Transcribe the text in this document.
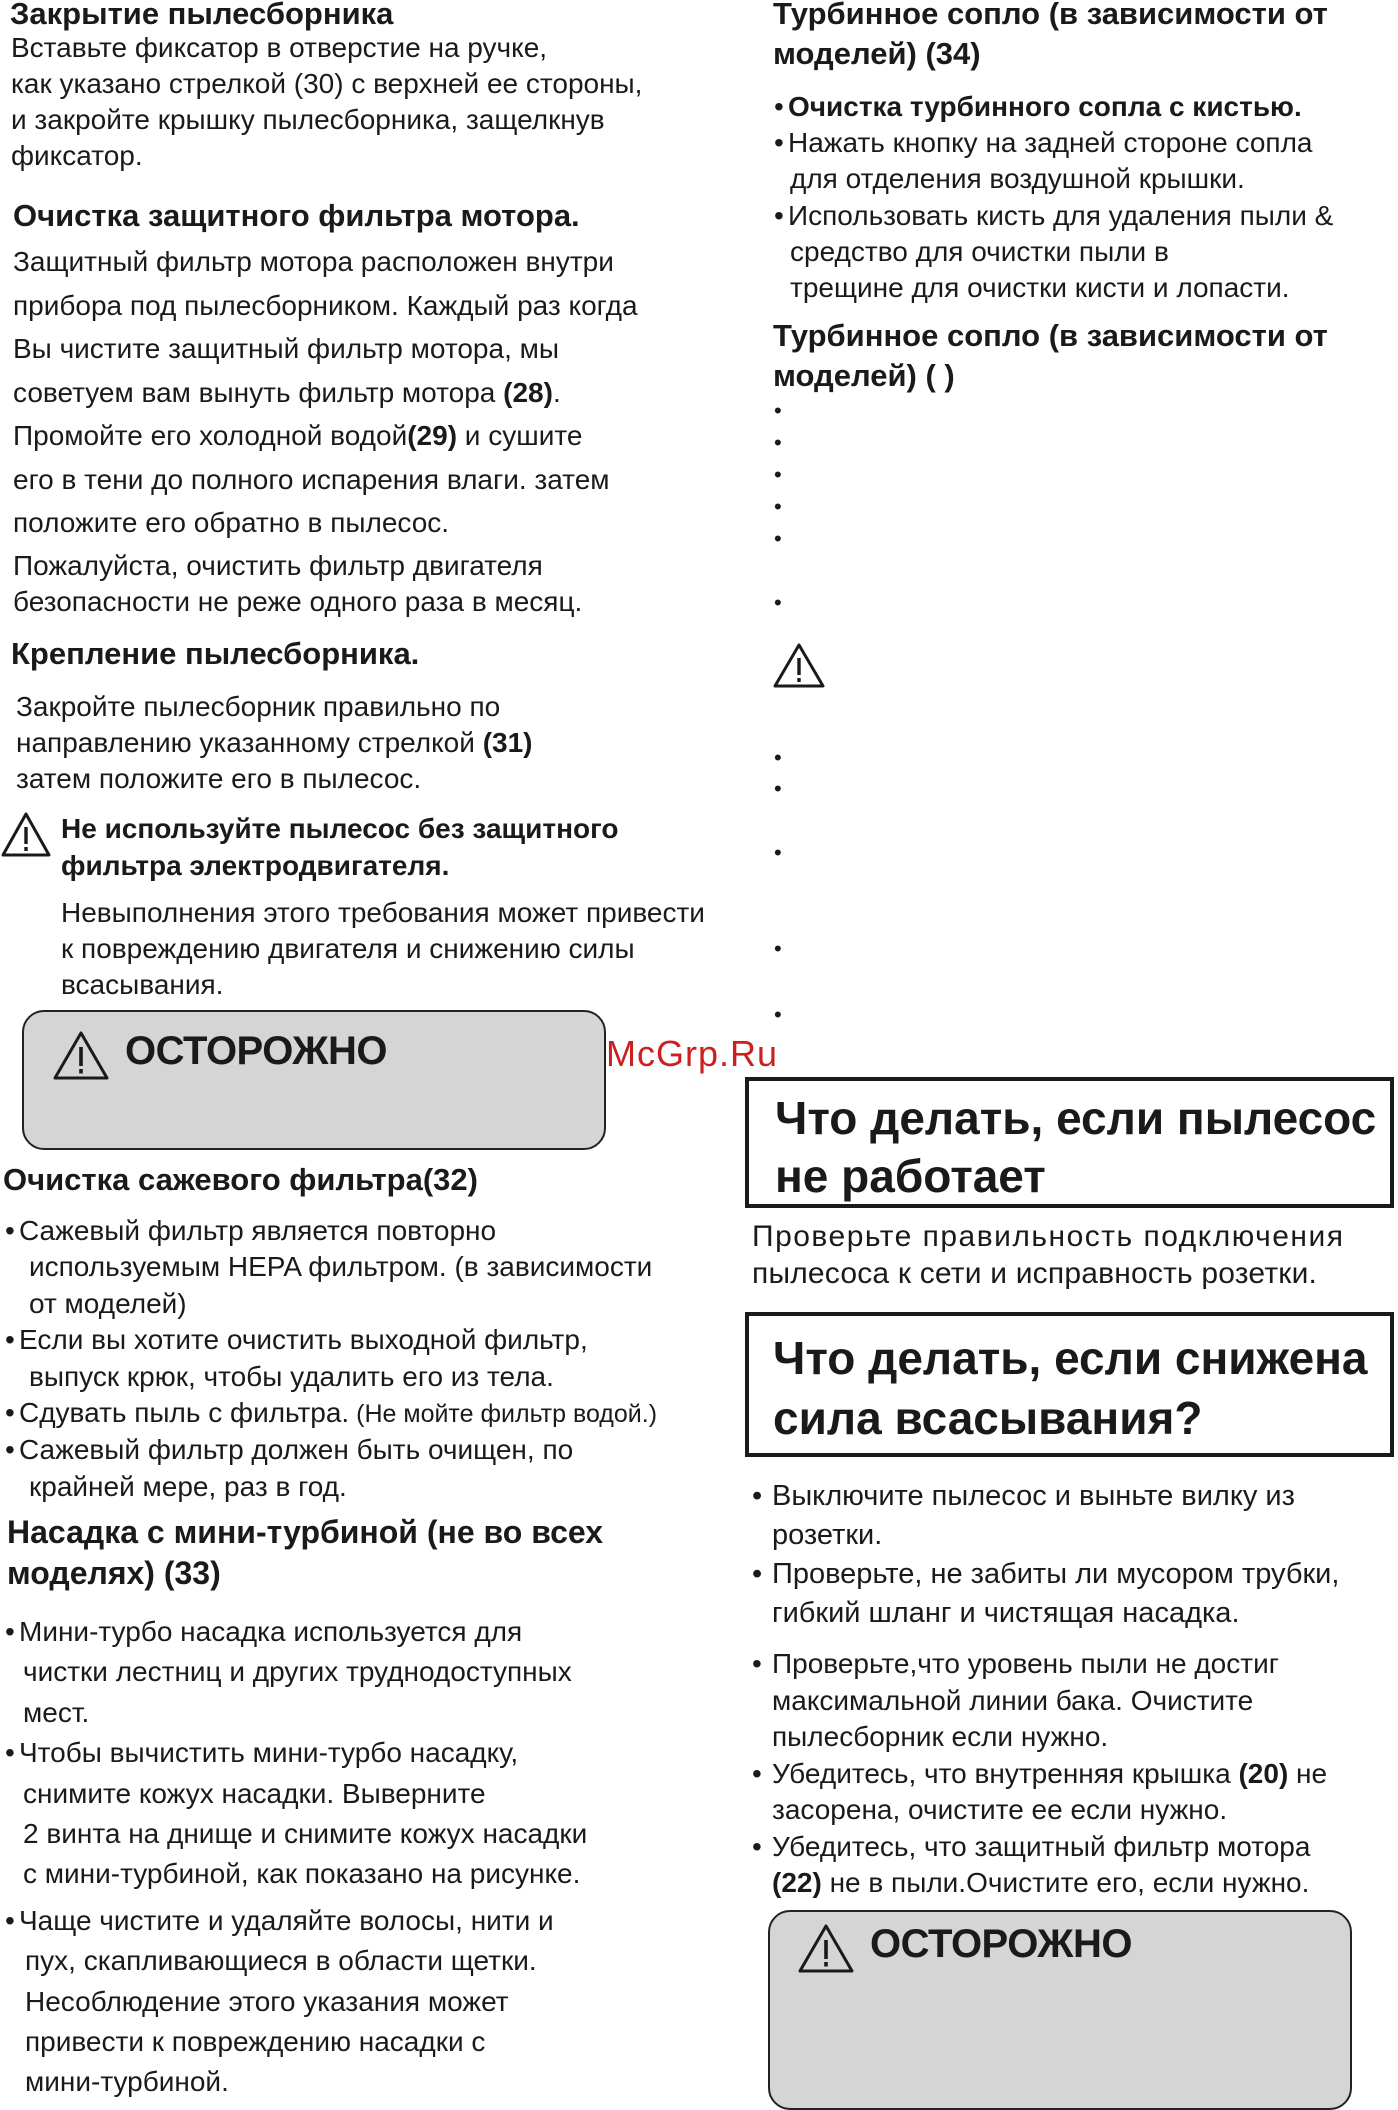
Закрытие пылесборника
Вставьте фиксатор в отверстие на ручке,
как указано стрелкой (30) с верхней ее стороны,
и закройте крышку пылесборника, защелкнув
фиксатор.
Очистка защитного фильтра мотора.
Защитный фильтр мотора расположен внутри
прибора под пылесборником. Каждый раз когда
Вы чистите защитный фильтр мотора, мы
советуем вам вынуть фильтр мотора (28).
Промойте его холодной водой(29) и сушите
его в тени до полного испарения влаги. затем
положите его обратно в пылесос.
Пожалуйста, очистить фильтр двигателя
безопасности не реже одного раза в месяц.
Крепление пылесборника.
Закройте пылесборник правильно по
направлению указанному стрелкой (31)
затем положите его в пылесос.
Не используйте пылесос без защитного
фильтра электродвигателя.
Невыполнения этого требования может привести
к повреждению двигателя и снижению силы
всасывания.
ОСТОРОЖНО
Очистка сажевого фильтра(32)
• Сажевый фильтр является повторно
используемым HEPA фильтром. (в зависимости
от моделей)
• Если вы хотите очистить выходной фильтр,
выпуск крюк, чтобы удалить его из тела.
• Сдувать пыль с фильтра. (Не мойте фильтр водой.)
• Сажевый фильтр должен быть очищен, по
крайней мере, раз в год.
Насадка с мини-турбиной (не во всех
моделях) (33)
• Мини-турбо насадка используется для
чистки лестниц и других труднодоступных
мест.
• Чтобы вычистить мини-турбо насадку,
снимите кожух насадки. Выверните
2 винта на днище и снимите кожух насадки
с мини-турбиной, как показано на рисунке.
• Чаще чистите и удаляйте волосы, нити и
пух, скапливающиеся в области щетки.
Несоблюдение этого указания может
привести к повреждению насадки с
мини-турбиной.
Турбинное сопло (в зависимости от
моделей) (34)
• Очистка турбинного сопла с кистью.
• Нажать кнопку на задней стороне сопла
для отделения воздушной крышки.
• Использовать кисть для удаления пыли &
средство для очистки пыли в
трещине для очистки кисти и лопасти.
Турбинное сопло (в зависимости от
моделей) ( )
•
•
•
•
•
•
•
•
•
•
•
McGrp.Ru
Что делать, если пылесос
не работает
Проверьте правильность подключения
пылесоса к сети и исправность розетки.
Что делать, если снижена
сила всасывания?
• Выключите пылесос и выньте вилку из
розетки.
• Проверьте, не забиты ли мусором трубки,
гибкий шланг и чистящая насадка.
• Проверьте,что уровень пыли не достиг
максимальной линии бака. Очистите
пылесборник если нужно.
• Убедитесь, что внутренняя крышка (20) не
засорена, очистите ее если нужно.
• Убедитесь, что защитный фильтр мотора
(22) не в пыли.Очистите его, если нужно.
ОСТОРОЖНО
